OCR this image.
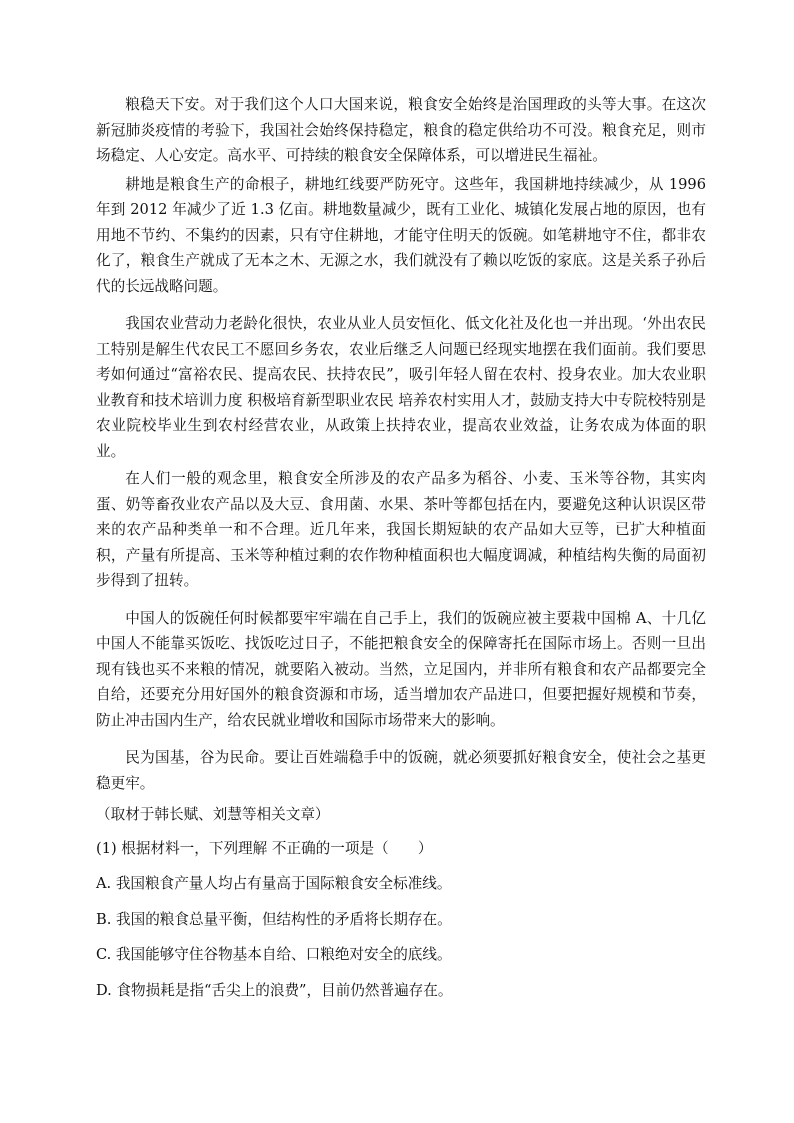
粮稳天下安。对于我们这个人口大国来说，粮食安全始终是治国理政的头等大事。在这次新冠肺炎疫情的考验下，我国社会始终保持稳定，粮食的稳定供给功不可没。粮食充足，则市场稳定、人心安定。高水平、可持续的粮食安全保障体系，可以增进民生福祉。

耕地是粮食生产的命根子，耕地红线要严防死守。这些年，我国耕地持续减少，从 1996 年到 2012 年减少了近 1.3 亿亩。耕地数量减少，既有工业化、城镇化发展占地的原因，也有用地不节约、不集约的因素，只有守住耕地，才能守住明天的饭碗。如笔耕地守不住，都非农化了，粮食生产就成了无本之木、无源之水，我们就没有了赖以吃饭的家底。这是关系子孙后代的长远战略问题。

我国农业营动力老龄化很快，农业从业人员安恒化、低文化社及化也一并出现。‘外出农民工特别是解生代农民工不愿回乡务农，农业后继乏人问题已经现实地摆在我们面前。我们要思考如何通过“富裕农民、提高农民、扶持农民”，吸引年轻人留在农村、投身农业。加大农业职业教育和技术培训力度 积极培育新型职业农民 培养农村实用人才，鼓励支持大中专院校特别是农业院校毕业生到农村经营农业，从政策上扶持农业，提高农业效益，让务农成为体面的职业。

在人们一般的观念里，粮食安全所涉及的农产品多为稻谷、小麦、玉米等谷物，其实肉 蛋、奶等畜孜业农产品以及大豆、食用菌、水果、茶叶等都包括在内，要避免这种认识误区带来的农产品种类单一和不合理。近几年来，我国长期短缺的农产品如大豆等，已扩大种植面积，产量有所提高、玉米等种植过剩的农作物种植面积也大幅度调减，种植结构失衡的局面初步得到了扭转。

中国人的饭碗任何时候都要牢牢端在自己手上，我们的饭碗应被主要栽中国棉 A、十几亿中国人不能靠买饭吃、找饭吃过日子，不能把粮食安全的保障寄托在国际市场上。否则一旦出现有钱也买不来粮的情况，就要陷入被动。当然，立足国内，并非所有粮食和农产品都要完全自给，还要充分用好国外的粮食资源和市场，适当增加农产品进口，但要把握好规模和节奏，防止冲击国内生产，给农民就业增收和国际市场带来大的影响。

民为国基，谷为民命。要让百姓端稳手中的饭碗，就必须要抓好粮食安全，使社会之基更稳更牢。

（取材于韩长赋、刘慧等相关文章）

(1) 根据材料一，下列理解 不正确的一项是（　　）

A. 我国粮食产量人均占有量高于国际粮食安全标准线。
B. 我国的粮食总量平衡，但结构性的矛盾将长期存在。
C. 我国能够守住谷物基本自给、口粮绝对安全的底线。
D. 食物损耗是指“舌尖上的浪费”，目前仍然普遍存在。
